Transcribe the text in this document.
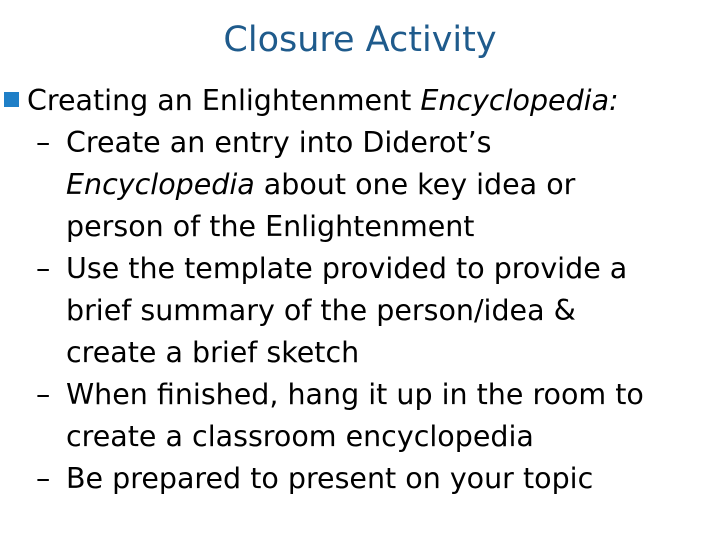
Closure Activity
Creating an Enlightenment Encyclopedia:
– Create an entry into Diderot’s
Encyclopedia about one key idea or
person of the Enlightenment
– Use the template provided to provide a
brief summary of the person/idea &
create a brief sketch
– When finished, hang it up in the room to
create a classroom encyclopedia
– Be prepared to present on your topic
